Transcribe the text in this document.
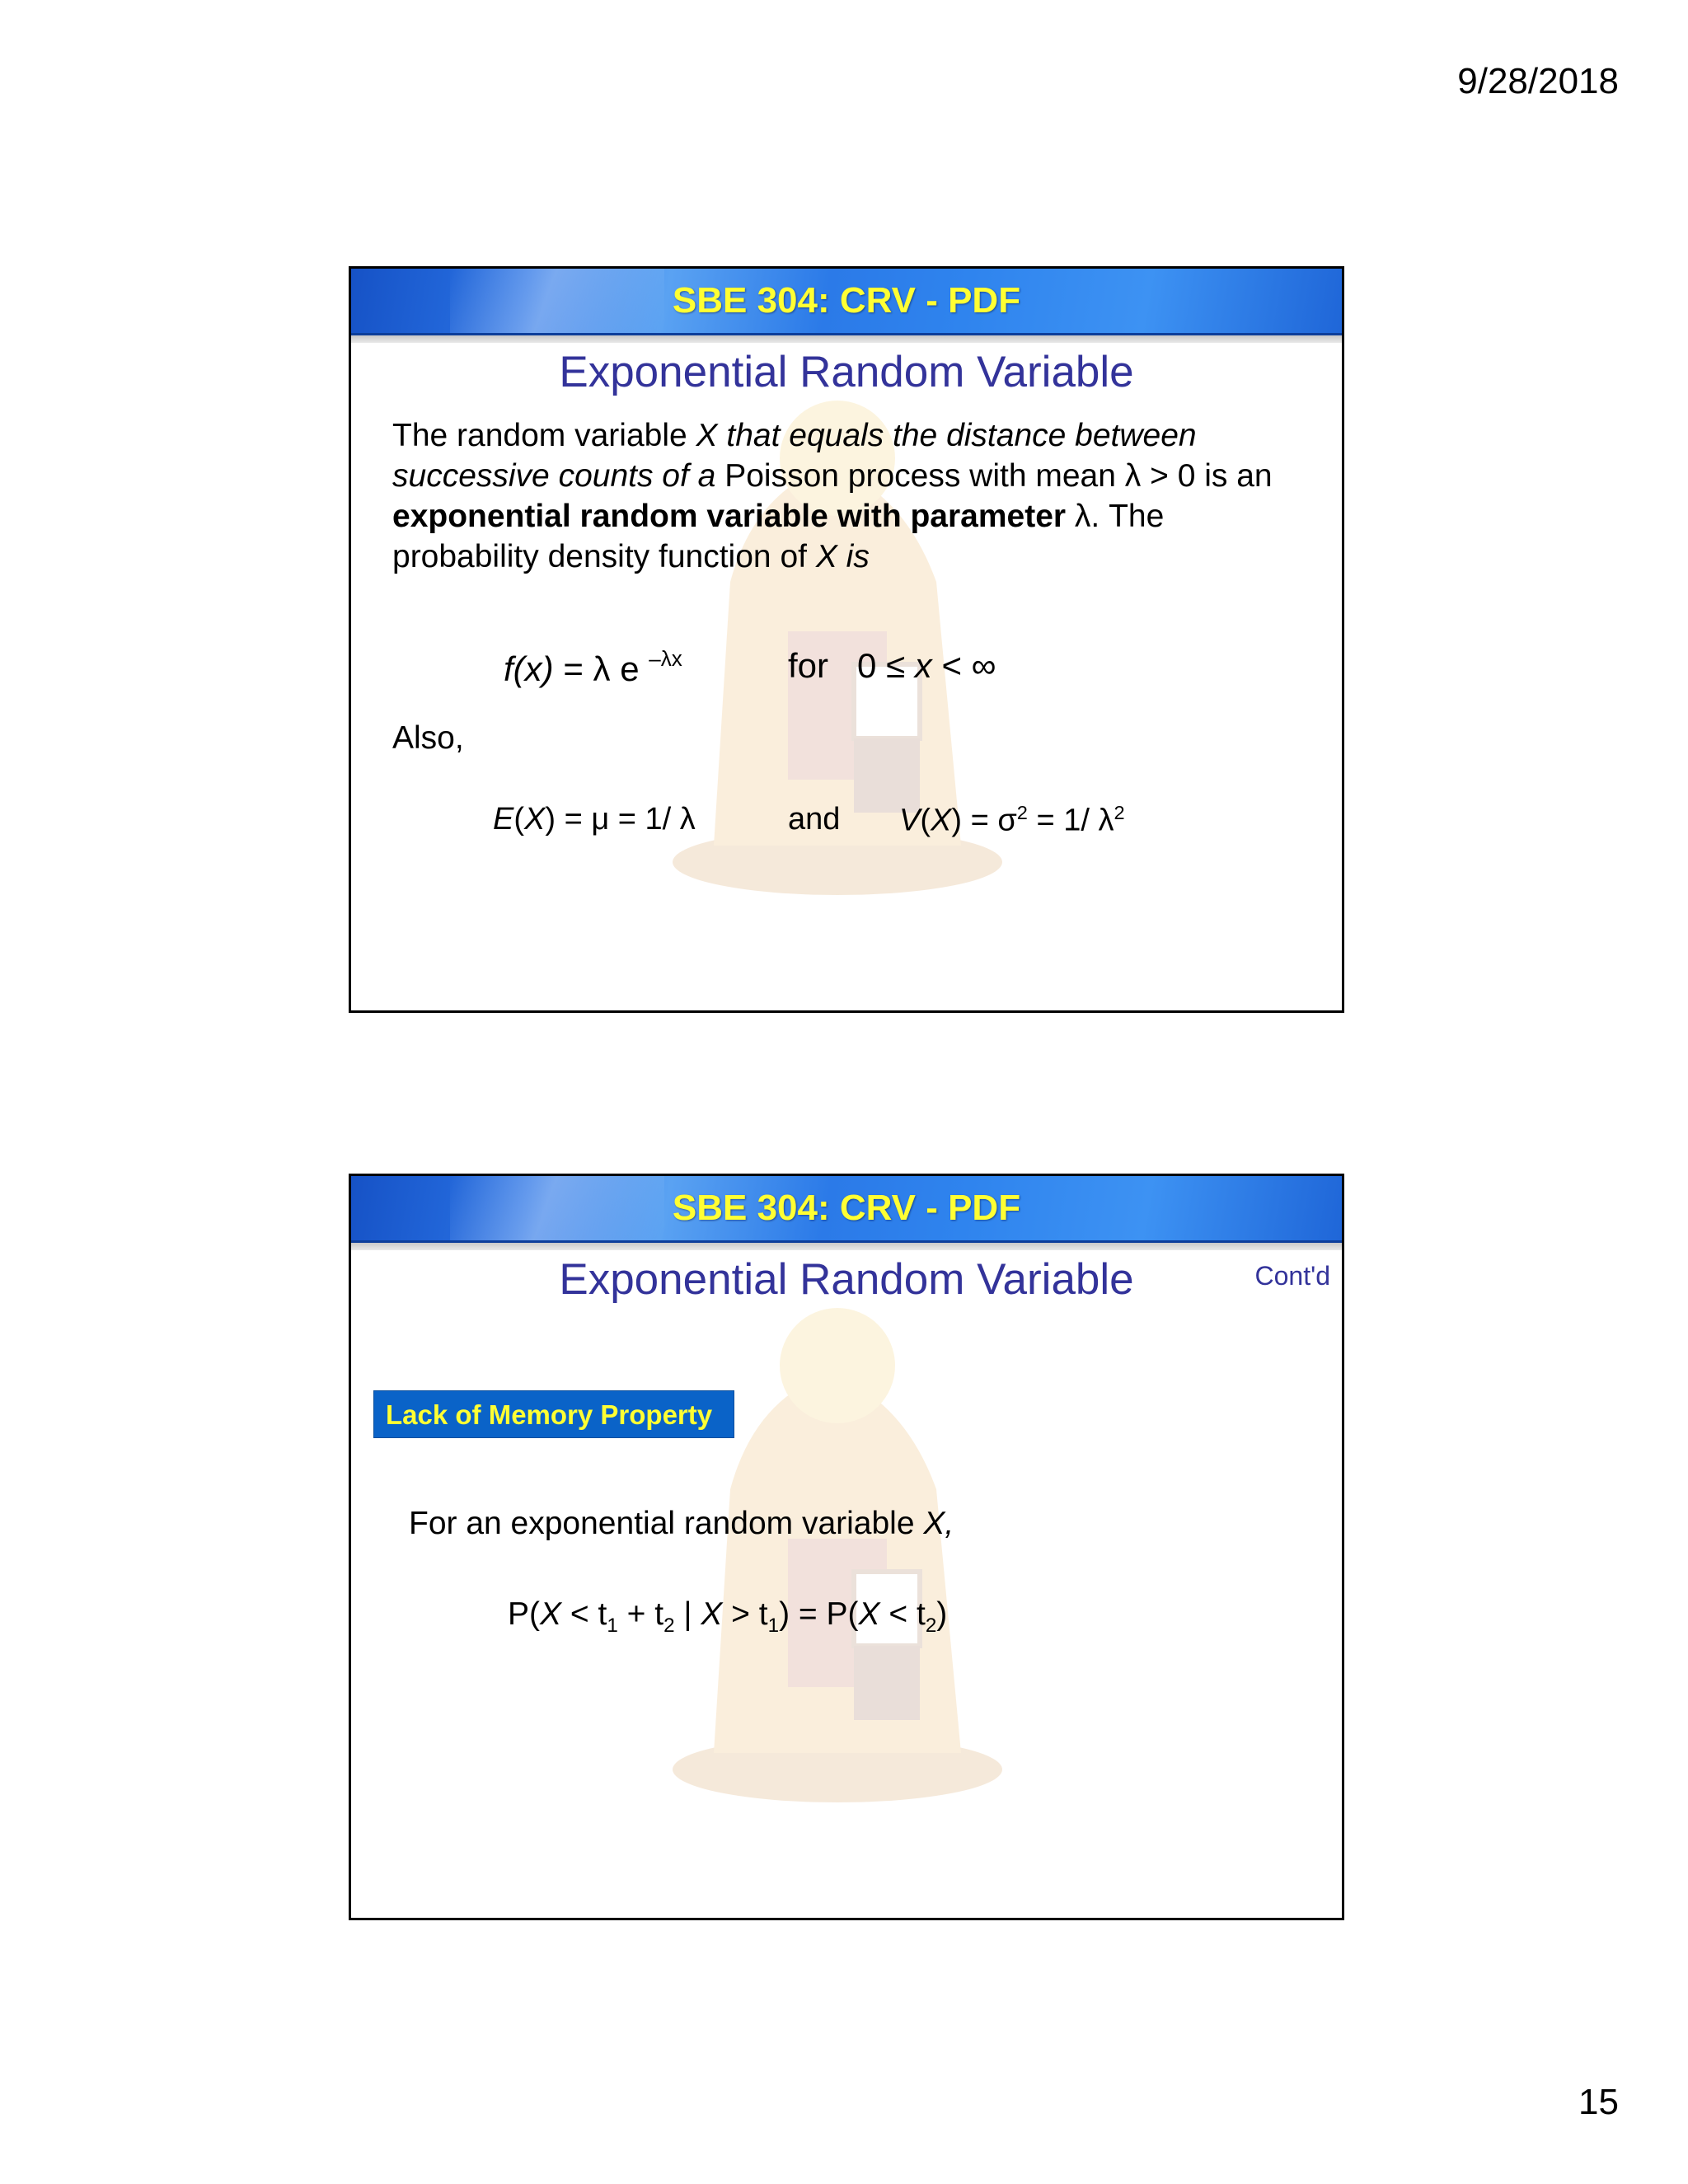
9/28/2018
SBE 304: CRV - PDF
Exponential Random Variable
The random variable X that equals the distance between successive counts of a Poisson process with mean λ > 0 is an exponential random variable with parameter λ. The probability density function of X is
f(x) = λ e $^{-\lambda x}$	for 0 ≤ x < ∞
Also,
E(X) = μ = 1/ λ	and $V(X) = \sigma^2 = 1/$ $\lambda^2$
SBE 304: CRV - PDF
Exponential Random Variable	Cont'd
Lack of Memory Property
For an exponential random variable X,
$P(X < t_1 + t_2$ | $X > t_1) = P(X < t_2)$
15
